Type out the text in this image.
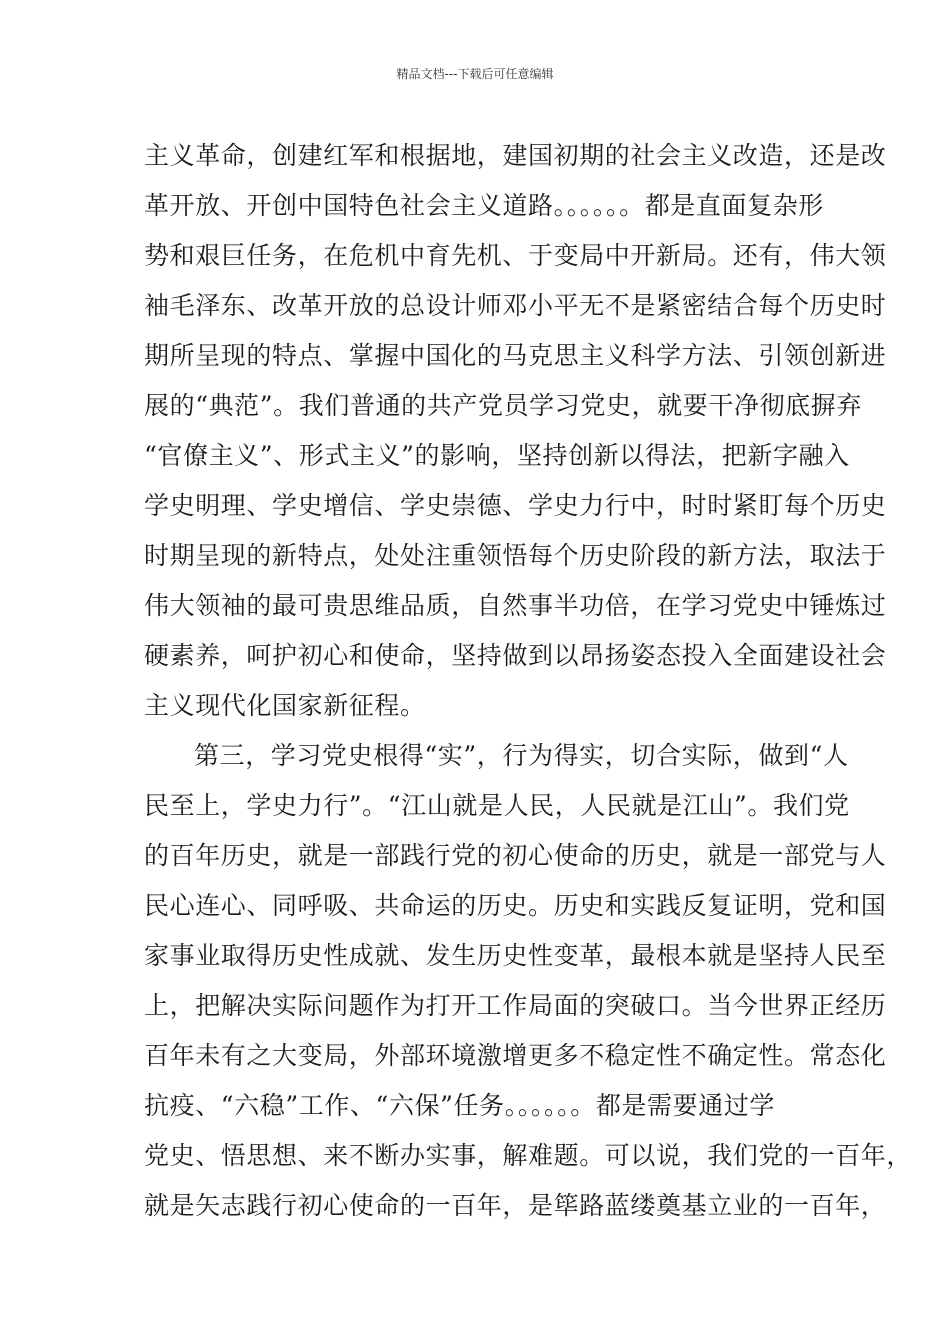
精品文档---下载后可任意编辑
主义革命，创建红军和根据地，建国初期的社会主义改造，还是改
革开放、开创中国特色社会主义道路。。。。。。都是直面复杂形
势和艰巨任务，在危机中育先机、于变局中开新局。还有，伟大领
袖毛泽东、改革开放的总设计师邓小平无不是紧密结合每个历史时
期所呈现的特点、掌握中国化的马克思主义科学方法、引领创新进
展的“典范”。我们普通的共产党员学习党史，就要干净彻底摒弃
“官僚主义”、形式主义”的影响，坚持创新以得法，把新字融入
学史明理、学史增信、学史崇德、学史力行中，时时紧盯每个历史
时期呈现的新特点，处处注重领悟每个历史阶段的新方法，取法于
伟大领袖的最可贵思维品质，自然事半功倍，在学习党史中锤炼过
硬素养，呵护初心和使命，坚持做到以昂扬姿态投入全面建设社会
主义现代化国家新征程。
第三，学习党史根得“实”，行为得实，切合实际，做到“人
民至上，学史力行”。“江山就是人民，人民就是江山”。我们党
的百年历史，就是一部践行党的初心使命的历史，就是一部党与人
民心连心、同呼吸、共命运的历史。历史和实践反复证明，党和国
家事业取得历史性成就、发生历史性变革，最根本就是坚持人民至
上，把解决实际问题作为打开工作局面的突破口。当今世界正经历
百年未有之大变局，外部环境激增更多不稳定性不确定性。常态化
抗疫、“六稳”工作、“六保”任务。。。。。。都是需要通过学
党史、悟思想、来不断办实事，解难题。可以说，我们党的一百年，
就是矢志践行初心使命的一百年，是筚路蓝缕奠基立业的一百年，
